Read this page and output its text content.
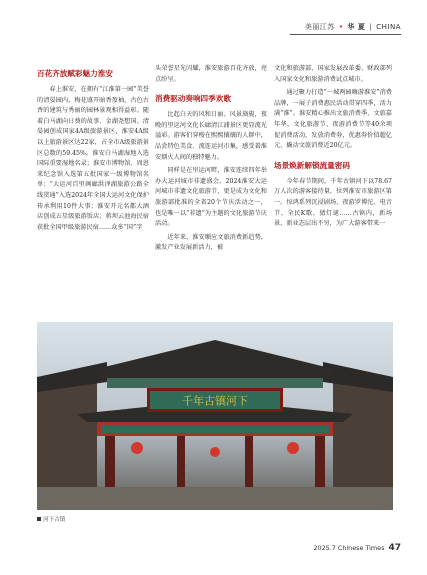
美丽江苏 • 华 夏 | CHINA
百花齐放赋彩魅力淮安

春上淮安，在拥有“江淮第一园”美誉的清晏园内，梅花盛开暗香盈袖，古色古香的建筑与秀丽的园林景观相得益彰。随着白马湖向日葵的故事、金湖尧想国、清晏园创成国家4A级旅游景区，淮安4A级以上旅游景区达22家，占全市A级旅游景区总数的59.45%。淮安白马湖湿地入选国际重要湿地名录；淮安市博物馆、周恩来纪念馆入选第五批国家一级博物馆名单；“大运河百里画廊洪泽湖旅游公路全线贯通”入选2024年全国大运河文化保护传承利用10件大事；淮安开元名都大酒店创成五星级旅游饭店；蒋坝云池海民宿获批全国甲级旅游民宿……众多“国”字

头荣誉星光闪耀，淮安旅游百花齐放，亮点纷呈。

消费驱动奏响四季欢歌

比起白天的风和日丽、风景旖旎，夜晚的里运河文化长廊清江浦景区更显流光溢彩。游客们穿梭在熙熙攘攘的人群中，品尝特色美食、流连运河市集，感受着淮安烟火人间的独特魅力。

同样是在里运河畔，淮安连续四年举办大运河城市非遗盛会。2024淮安大运河城市非遗文化旅游节，更是成为文化和旅游部批准的全省20个节庆活动之一，也是唯一以“非遗”为主题的文化旅游节庆活动。

近年来，淮安顺应文旅消费新趋势，激发产业发展新活力，被

文化和旅游部、国家发展改革委、财政部列入国家文化和旅游消费试点城市。

通过聚力打造“一城两园嗨游淮安”消费品牌，一展子消费惠民活动贯穿四季，活力满“淮”。淮安精心推出文旅消费季、文旅嘉年华、文化旅游节、夜游消费节等40余项促消费活动，发放消费券，优惠券价值超亿元，撬动文旅消费近20亿元。

场景焕新解锁流量密码

今年春节期间，千年古镇河下以78.67万人次的游客接待量，位列淮安市旅游区第一。惊鸿系列沉浸剧场、夜游罗博沱、电音节、全民K歌、猜灯谜……古镇内，新场景、新业态层出不穷，为广大游客带来一

千年古镇河下
河下古镇
2025.7 Chinese Times 47
